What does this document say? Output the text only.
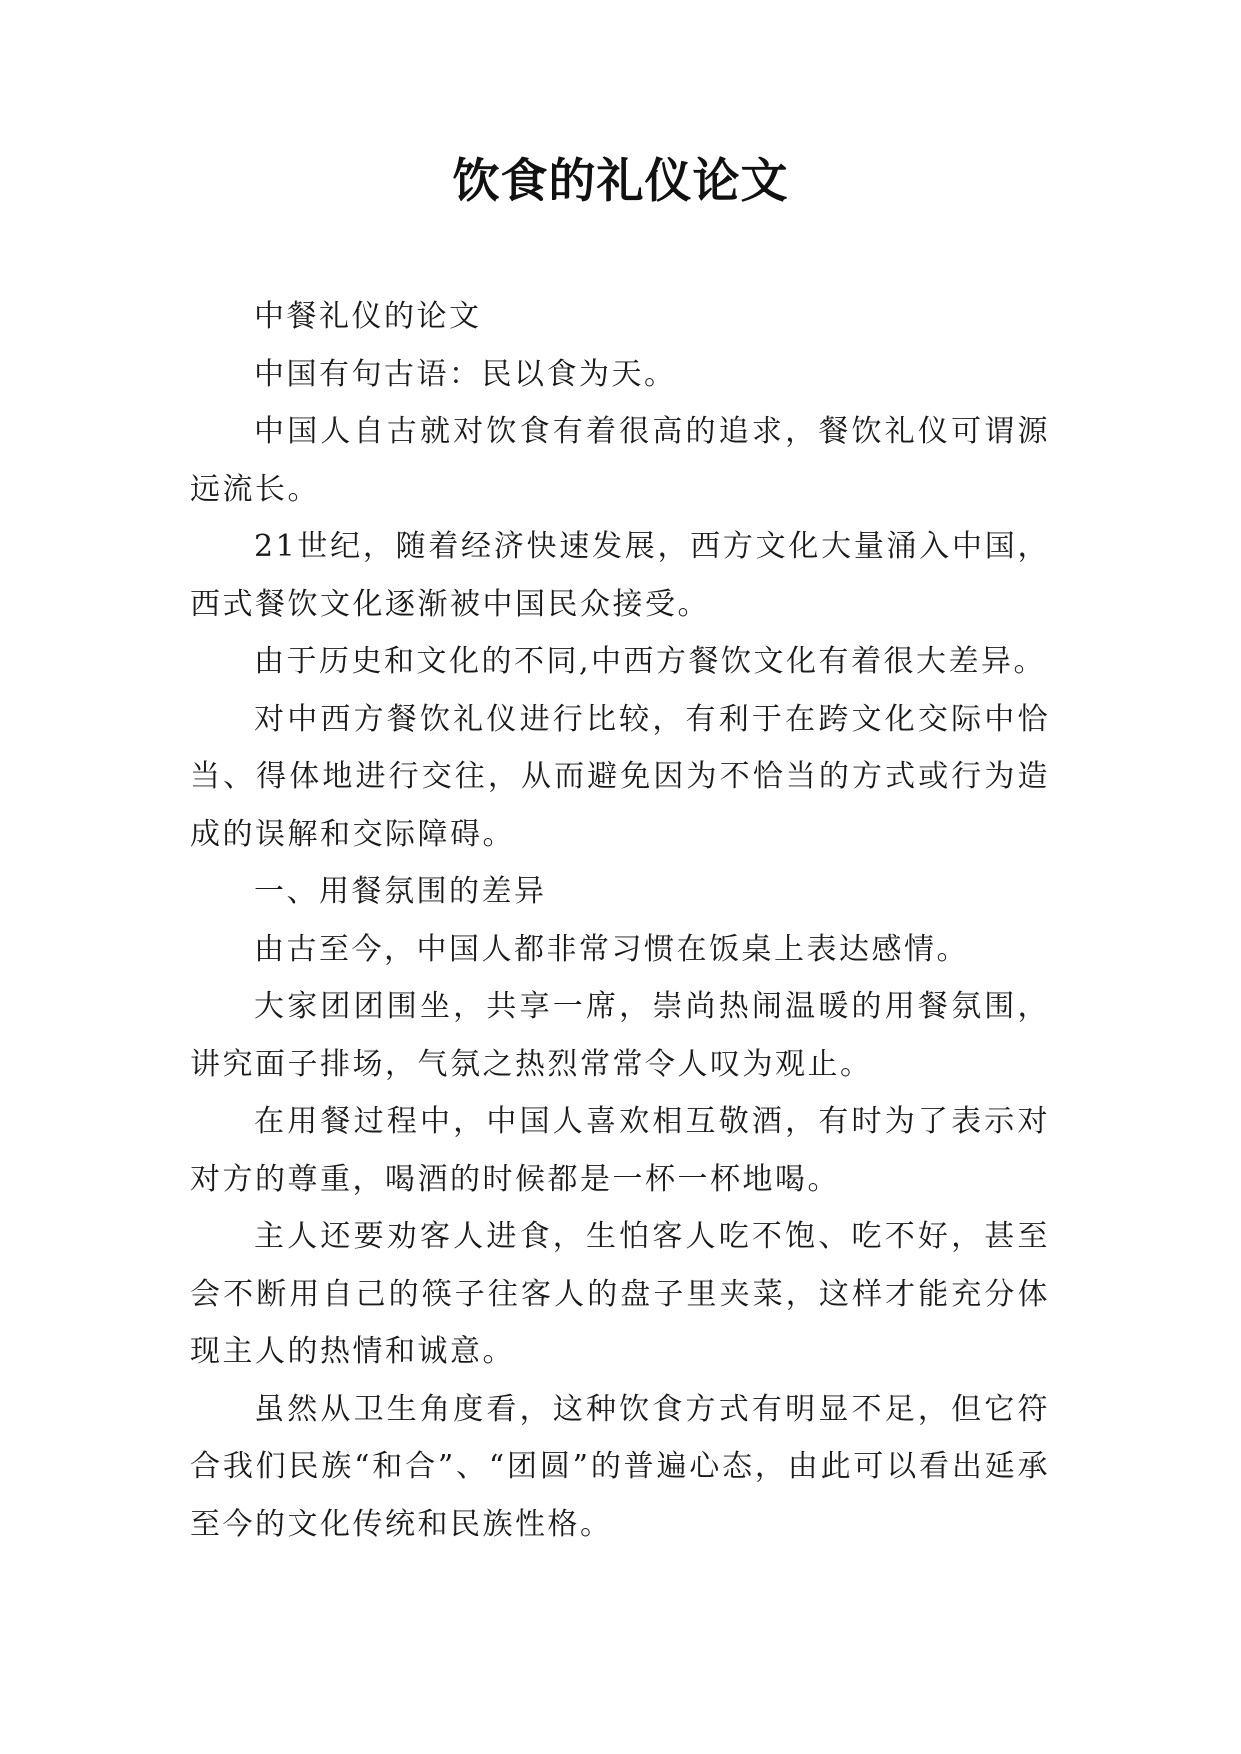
饮食的礼仪论文

中餐礼仪的论文

中国有句古语：民以食为天。

中国人自古就对饮食有着很高的追求，餐饮礼仪可谓源远流长。

21世纪，随着经济快速发展，西方文化大量涌入中国，西式餐饮文化逐渐被中国民众接受。

由于历史和文化的不同,中西方餐饮文化有着很大差异。

对中西方餐饮礼仪进行比较，有利于在跨文化交际中恰当、得体地进行交往，从而避免因为不恰当的方式或行为造成的误解和交际障碍。

一、用餐氛围的差异

由古至今，中国人都非常习惯在饭桌上表达感情。

大家团团围坐，共享一席，崇尚热闹温暖的用餐氛围，讲究面子排场，气氛之热烈常常令人叹为观止。

在用餐过程中，中国人喜欢相互敬酒，有时为了表示对对方的尊重，喝酒的时候都是一杯一杯地喝。

主人还要劝客人进食，生怕客人吃不饱、吃不好，甚至会不断用自己的筷子往客人的盘子里夹菜，这样才能充分体现主人的热情和诚意。

虽然从卫生角度看，这种饮食方式有明显不足，但它符合我们民族“和合”、“团圆”的普遍心态，由此可以看出延承至今的文化传统和民族性格。
